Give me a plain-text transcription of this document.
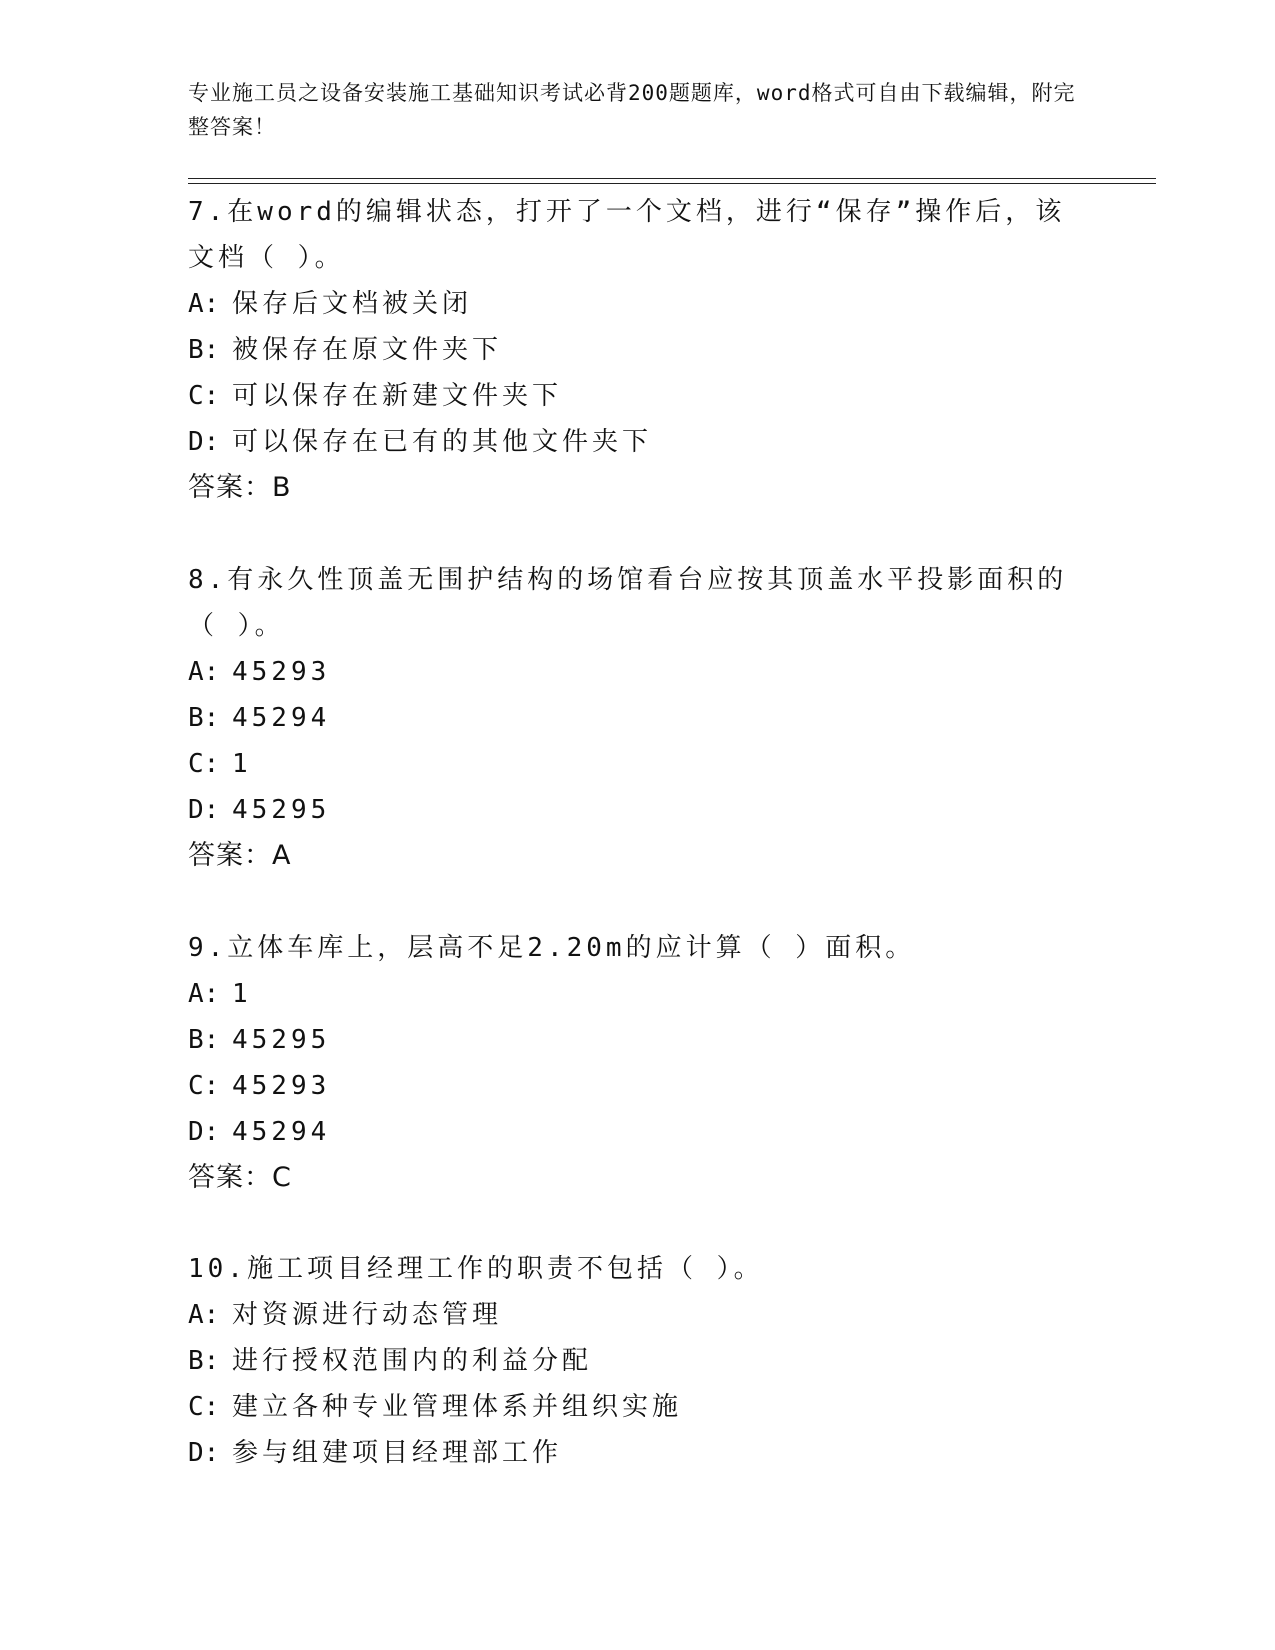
专业施工员之设备安装施工基础知识考试必背200题题库，word格式可自由下载编辑，附完整答案！

7.在word的编辑状态，打开了一个文档，进行“保存”操作后，该文档（ ）。

A: 保存后文档被关闭
B: 被保存在原文件夹下
C: 可以保存在新建文件夹下
D: 可以保存在已有的其他文件夹下
答案：B

8.有永久性顶盖无围护结构的场馆看台应按其顶盖水平投影面积的（ ）。

A: 45293
B: 45294
C: 1
D: 45295
答案：A

9.立体车库上，层高不足2.20m的应计算（ ）面积。

A: 1
B: 45295
C: 45293
D: 45294
答案：C

10.施工项目经理工作的职责不包括（ ）。

A: 对资源进行动态管理
B: 进行授权范围内的利益分配
C: 建立各种专业管理体系并组织实施
D: 参与组建项目经理部工作
